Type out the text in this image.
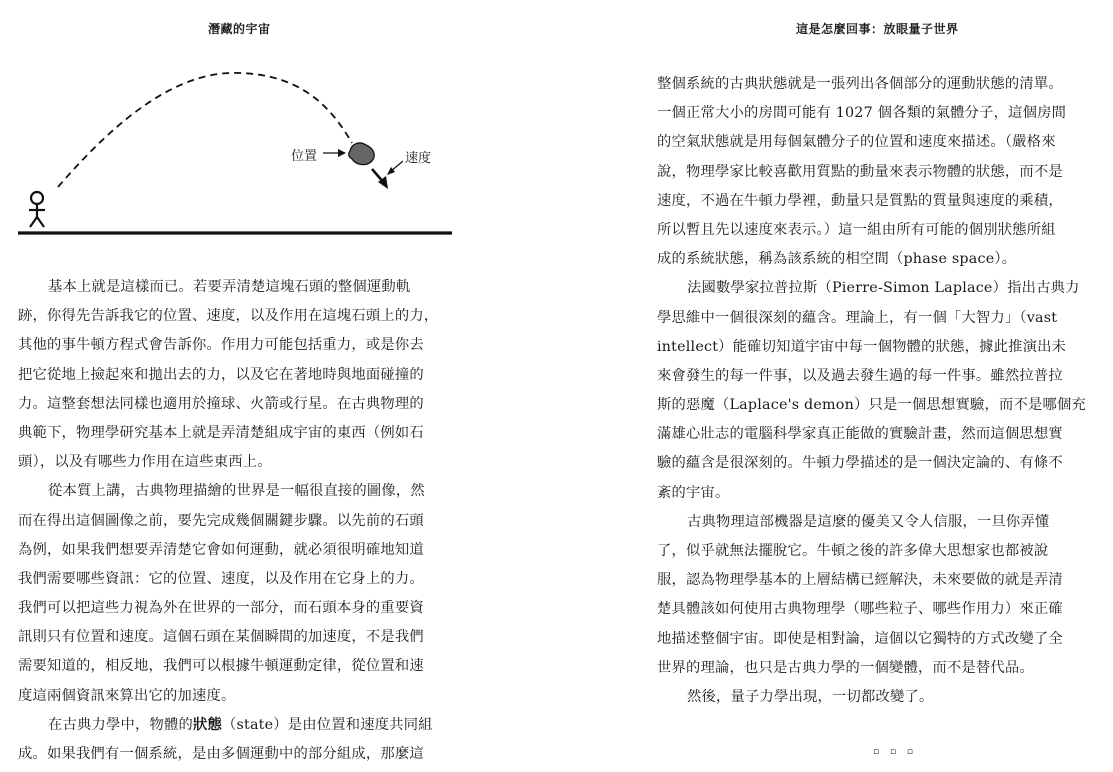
潛藏的宇宙
位置	速度
基本上就是這樣而已。若要弄清楚這塊石頭的整個運動軌
跡，你得先告訴我它的位置、速度，以及作用在這塊石頭上的力，
其他的事牛頓方程式會告訴你。作用力可能包括重力，或是你去
把它從地上撿起來和拋出去的力，以及它在著地時與地面碰撞的
力。這整套想法同樣也適用於撞球、火箭或行星。在古典物理的
典範下，物理學研究基本上就是弄清楚組成宇宙的東西（例如石
頭），以及有哪些力作用在這些東西上。
從本質上講，古典物理描繪的世界是一幅很直接的圖像，然
而在得出這個圖像之前，要先完成幾個關鍵步驟。以先前的石頭
為例，如果我們想要弄清楚它會如何運動，就必須很明確地知道
我們需要哪些資訊：它的位置、速度，以及作用在它身上的力。
我們可以把這些力視為外在世界的一部分，而石頭本身的重要資
訊則只有位置和速度。這個石頭在某個瞬間的加速度，不是我們
需要知道的，相反地，我們可以根據牛頓運動定律，從位置和速
度這兩個資訊來算出它的加速度。
在古典力學中，物體的狀態（state）是由位置和速度共同組
成。如果我們有一個系統，是由多個運動中的部分組成，那麼這
這是怎麼回事：放眼量子世界
整個系統的古典狀態就是一張列出各個部分的運動狀態的清單。
一個正常大小的房間可能有 1027 個各類的氣體分子，這個房間
的空氣狀態就是用每個氣體分子的位置和速度來描述。（嚴格來
說，物理學家比較喜歡用質點的動量來表示物體的狀態，而不是
速度，不過在牛頓力學裡，動量只是質點的質量與速度的乘積，
所以暫且先以速度來表示。）這一組由所有可能的個別狀態所組
成的系統狀態，稱為該系統的相空間（phase space）。
法國數學家拉普拉斯（Pierre-Simon Laplace）指出古典力
學思維中一個很深刻的蘊含。理論上，有一個「大智力」（vast
intellect）能確切知道宇宙中每一個物體的狀態，據此推演出未
來會發生的每一件事，以及過去發生過的每一件事。雖然拉普拉
斯的惡魔（Laplace's demon）只是一個思想實驗，而不是哪個充
滿雄心壯志的電腦科學家真正能做的實驗計畫，然而這個思想實
驗的蘊含是很深刻的。牛頓力學描述的是一個決定論的、有條不
紊的宇宙。
古典物理這部機器是這麼的優美又令人信服，一旦你弄懂
了，似乎就無法擺脫它。牛頓之後的許多偉大思想家也都被說
服，認為物理學基本的上層結構已經解決，未來要做的就是弄清
楚具體該如何使用古典物理學（哪些粒子、哪些作用力）來正確
地描述整個宇宙。即使是相對論，這個以它獨特的方式改變了全
世界的理論，也只是古典力學的一個變體，而不是替代品。
然後，量子力學出現，一切都改變了。
▫ ▫ ▫
